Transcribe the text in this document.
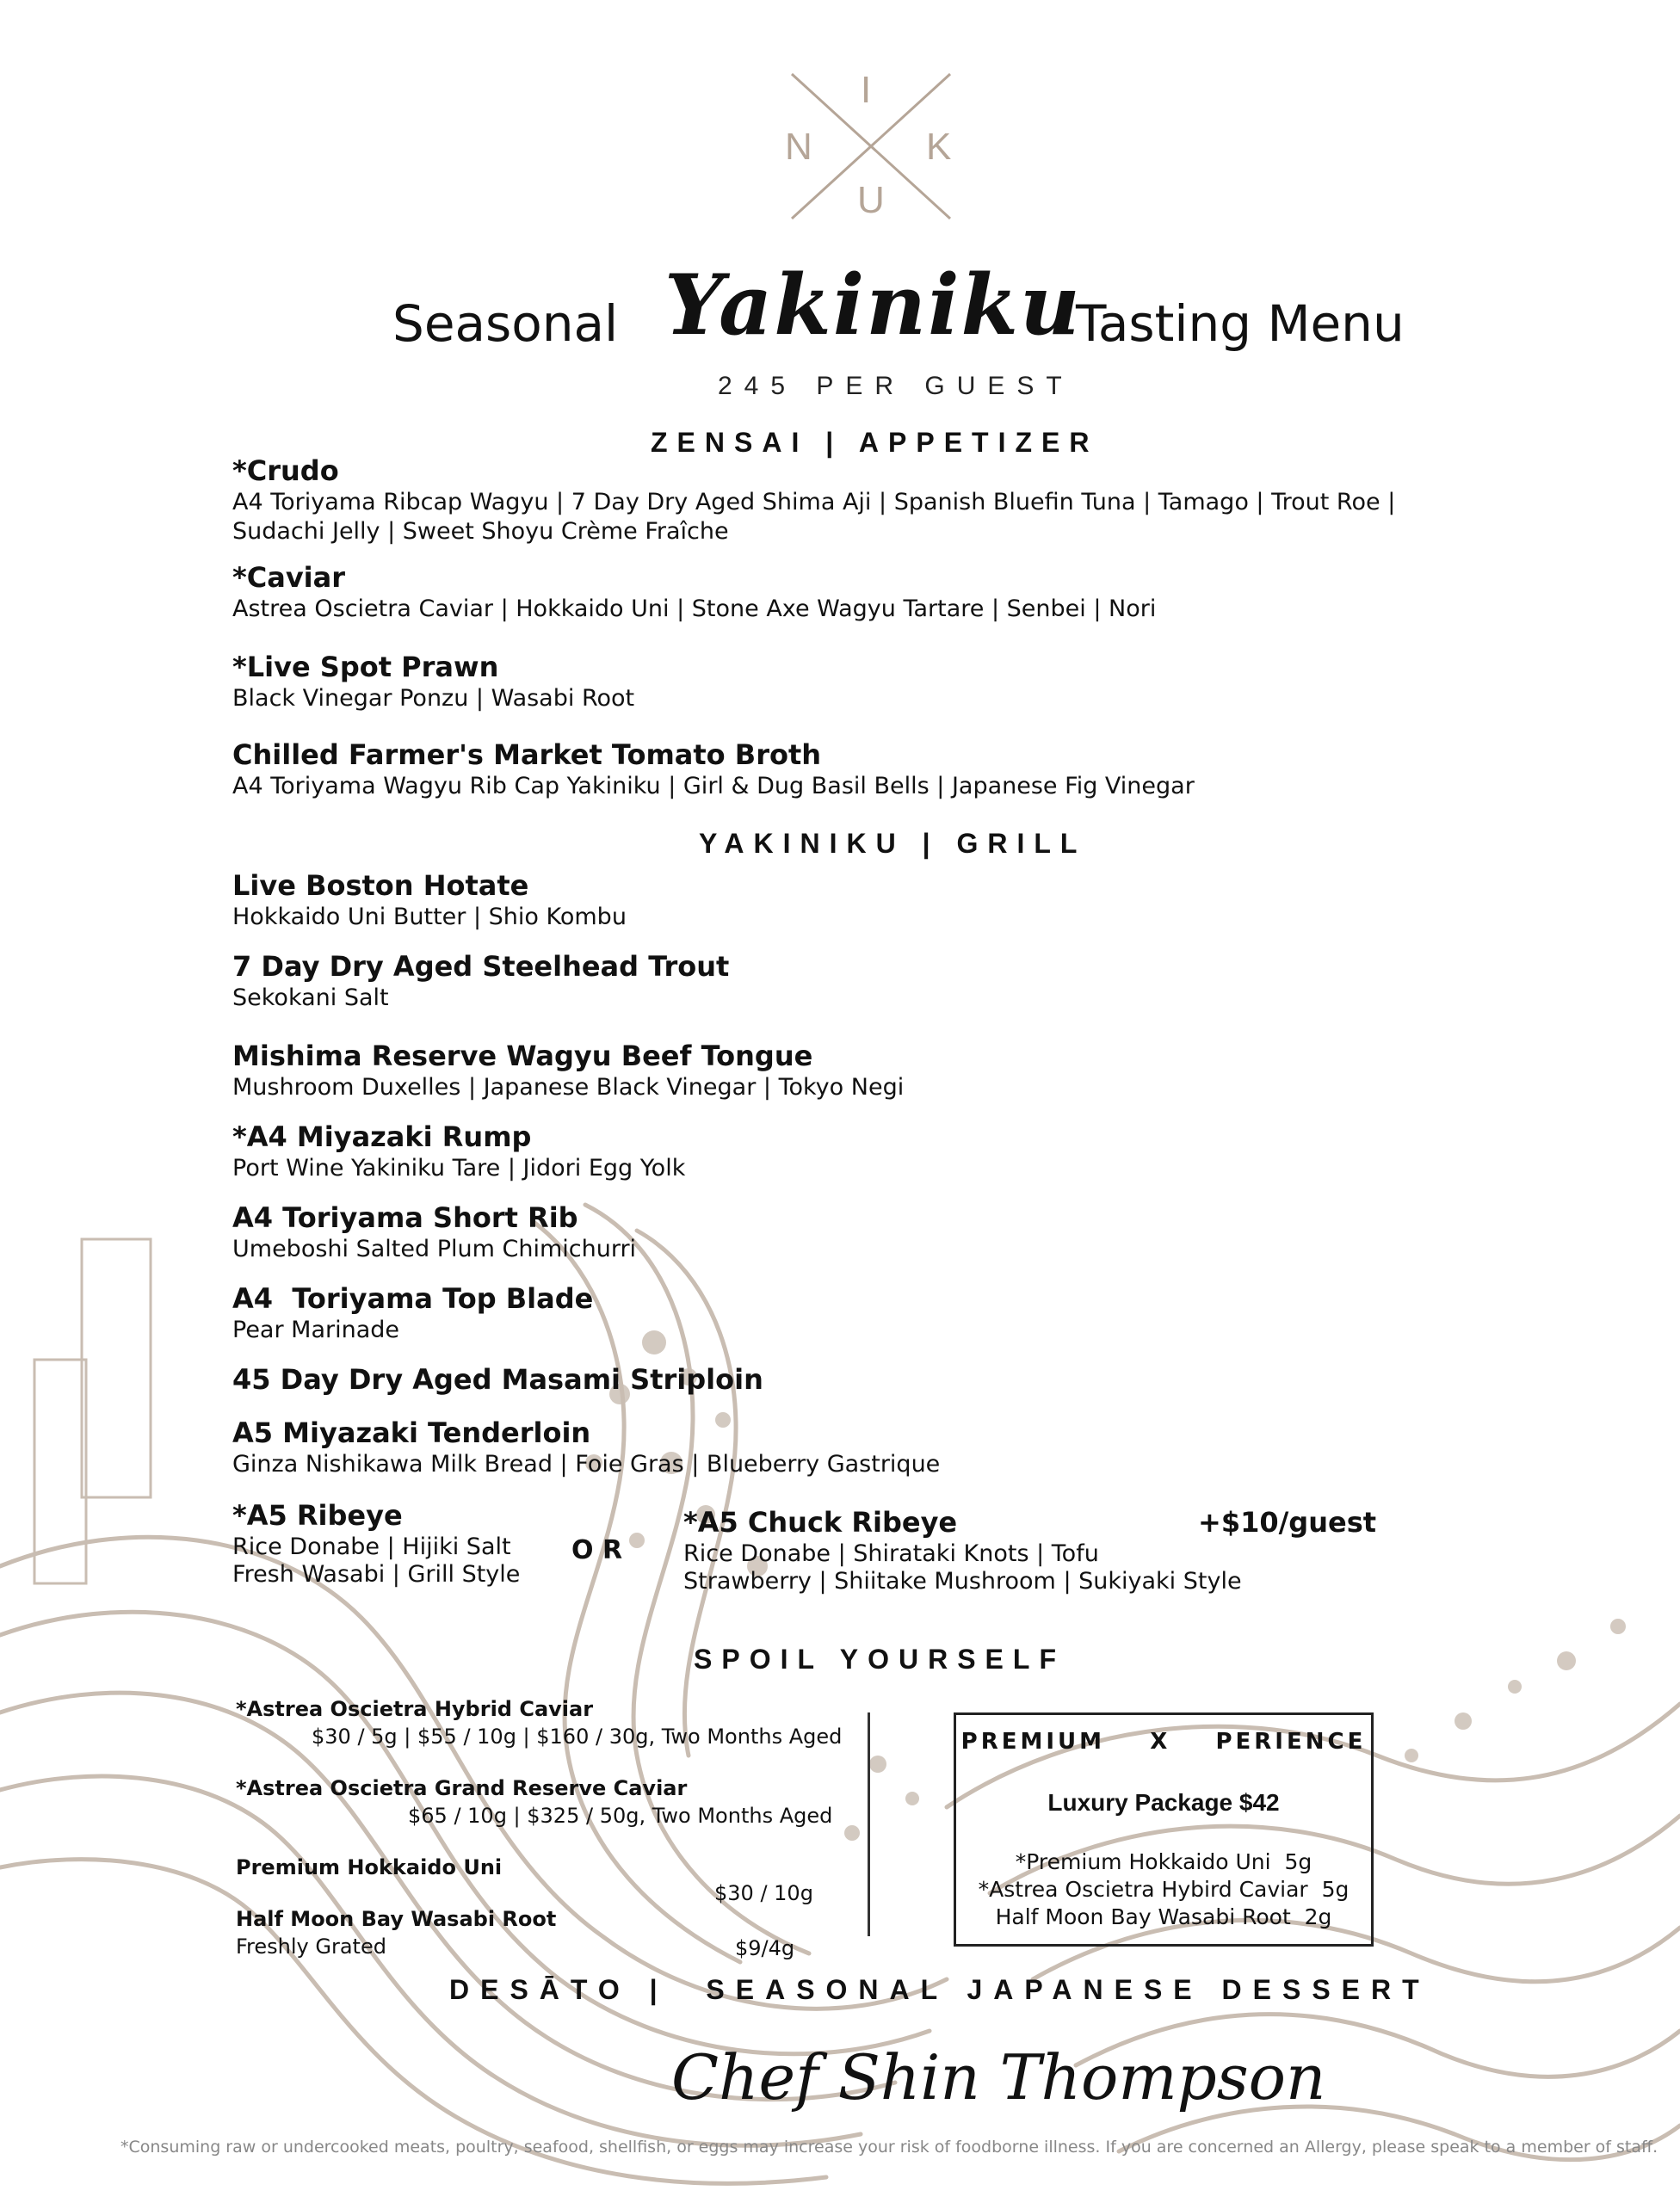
I
N	K
U
Seasonal Yakiniku
Tasting Menu
245 PER GUEST
ZENSAI | APPETIZER
*Crudo
A4 Toriyama Ribcap Wagyu | 7 Day Dry Aged Shima Aji | Spanish Bluefin Tuna | Tamago | Trout Roe |
Sudachi Jelly | Sweet Shoyu Crème Fraîche
*Caviar
Astrea Oscietra Caviar | Hokkaido Uni | Stone Axe Wagyu Tartare | Senbei | Nori
*Live Spot Prawn
Black Vinegar Ponzu | Wasabi Root
Chilled Farmer's Market Tomato Broth
A4 Toriyama Wagyu Rib Cap Yakiniku | Girl & Dug Basil Bells | Japanese Fig Vinegar
YAKINIKU | GRILL
Live Boston Hotate
Hokkaido Uni Butter | Shio Kombu
7 Day Dry Aged Steelhead Trout
Sekokani Salt
Mishima Reserve Wagyu Beef Tongue
Mushroom Duxelles | Japanese Black Vinegar | Tokyo Negi
*A4 Miyazaki Rump
Port Wine Yakiniku Tare | Jidori Egg Yolk
A4 Toriyama Short Rib
Umeboshi Salted Plum Chimichurri
A4  Toriyama Top Blade
Pear Marinade
45 Day Dry Aged Masami Striploin
A5 Miyazaki Tenderloin
Ginza Nishikawa Milk Bread | Foie Gras | Blueberry Gastrique
*A5 Ribeye
Rice Donabe | Hijiki Salt
Fresh Wasabi | Grill Style
O R
*A5 Chuck Ribeye	+$10/guest
Rice Donabe | Shirataki Knots | Tofu
Strawberry | Shiitake Mushroom | Sukiyaki Style
SPOIL YOURSELF
*Astrea Oscietra Hybrid Caviar
$30 / 5g | $55 / 10g | $160 / 30g, Two Months Aged
*Astrea Oscietra Grand Reserve Caviar
$65 / 10g | $325 / 50g, Two Months Aged
Premium Hokkaido Uni
$30 / 10g
Half Moon Bay Wasabi Root
Freshly Grated	$9/4g
PREMIUM    X    PERIENCE
Luxury Package $42
*Premium Hokkaido Uni  5g
*Astrea Oscietra Hybird Caviar  5g
Half Moon Bay Wasabi Root  2g
DESĀTO |  SEASONAL JAPANESE DESSERT
Chef Shin Thompson
*Consuming raw or undercooked meats, poultry, seafood, shellfish, or eggs may increase your risk of foodborne illness. If you are concerned an Allergy, please speak to a member of staff.
